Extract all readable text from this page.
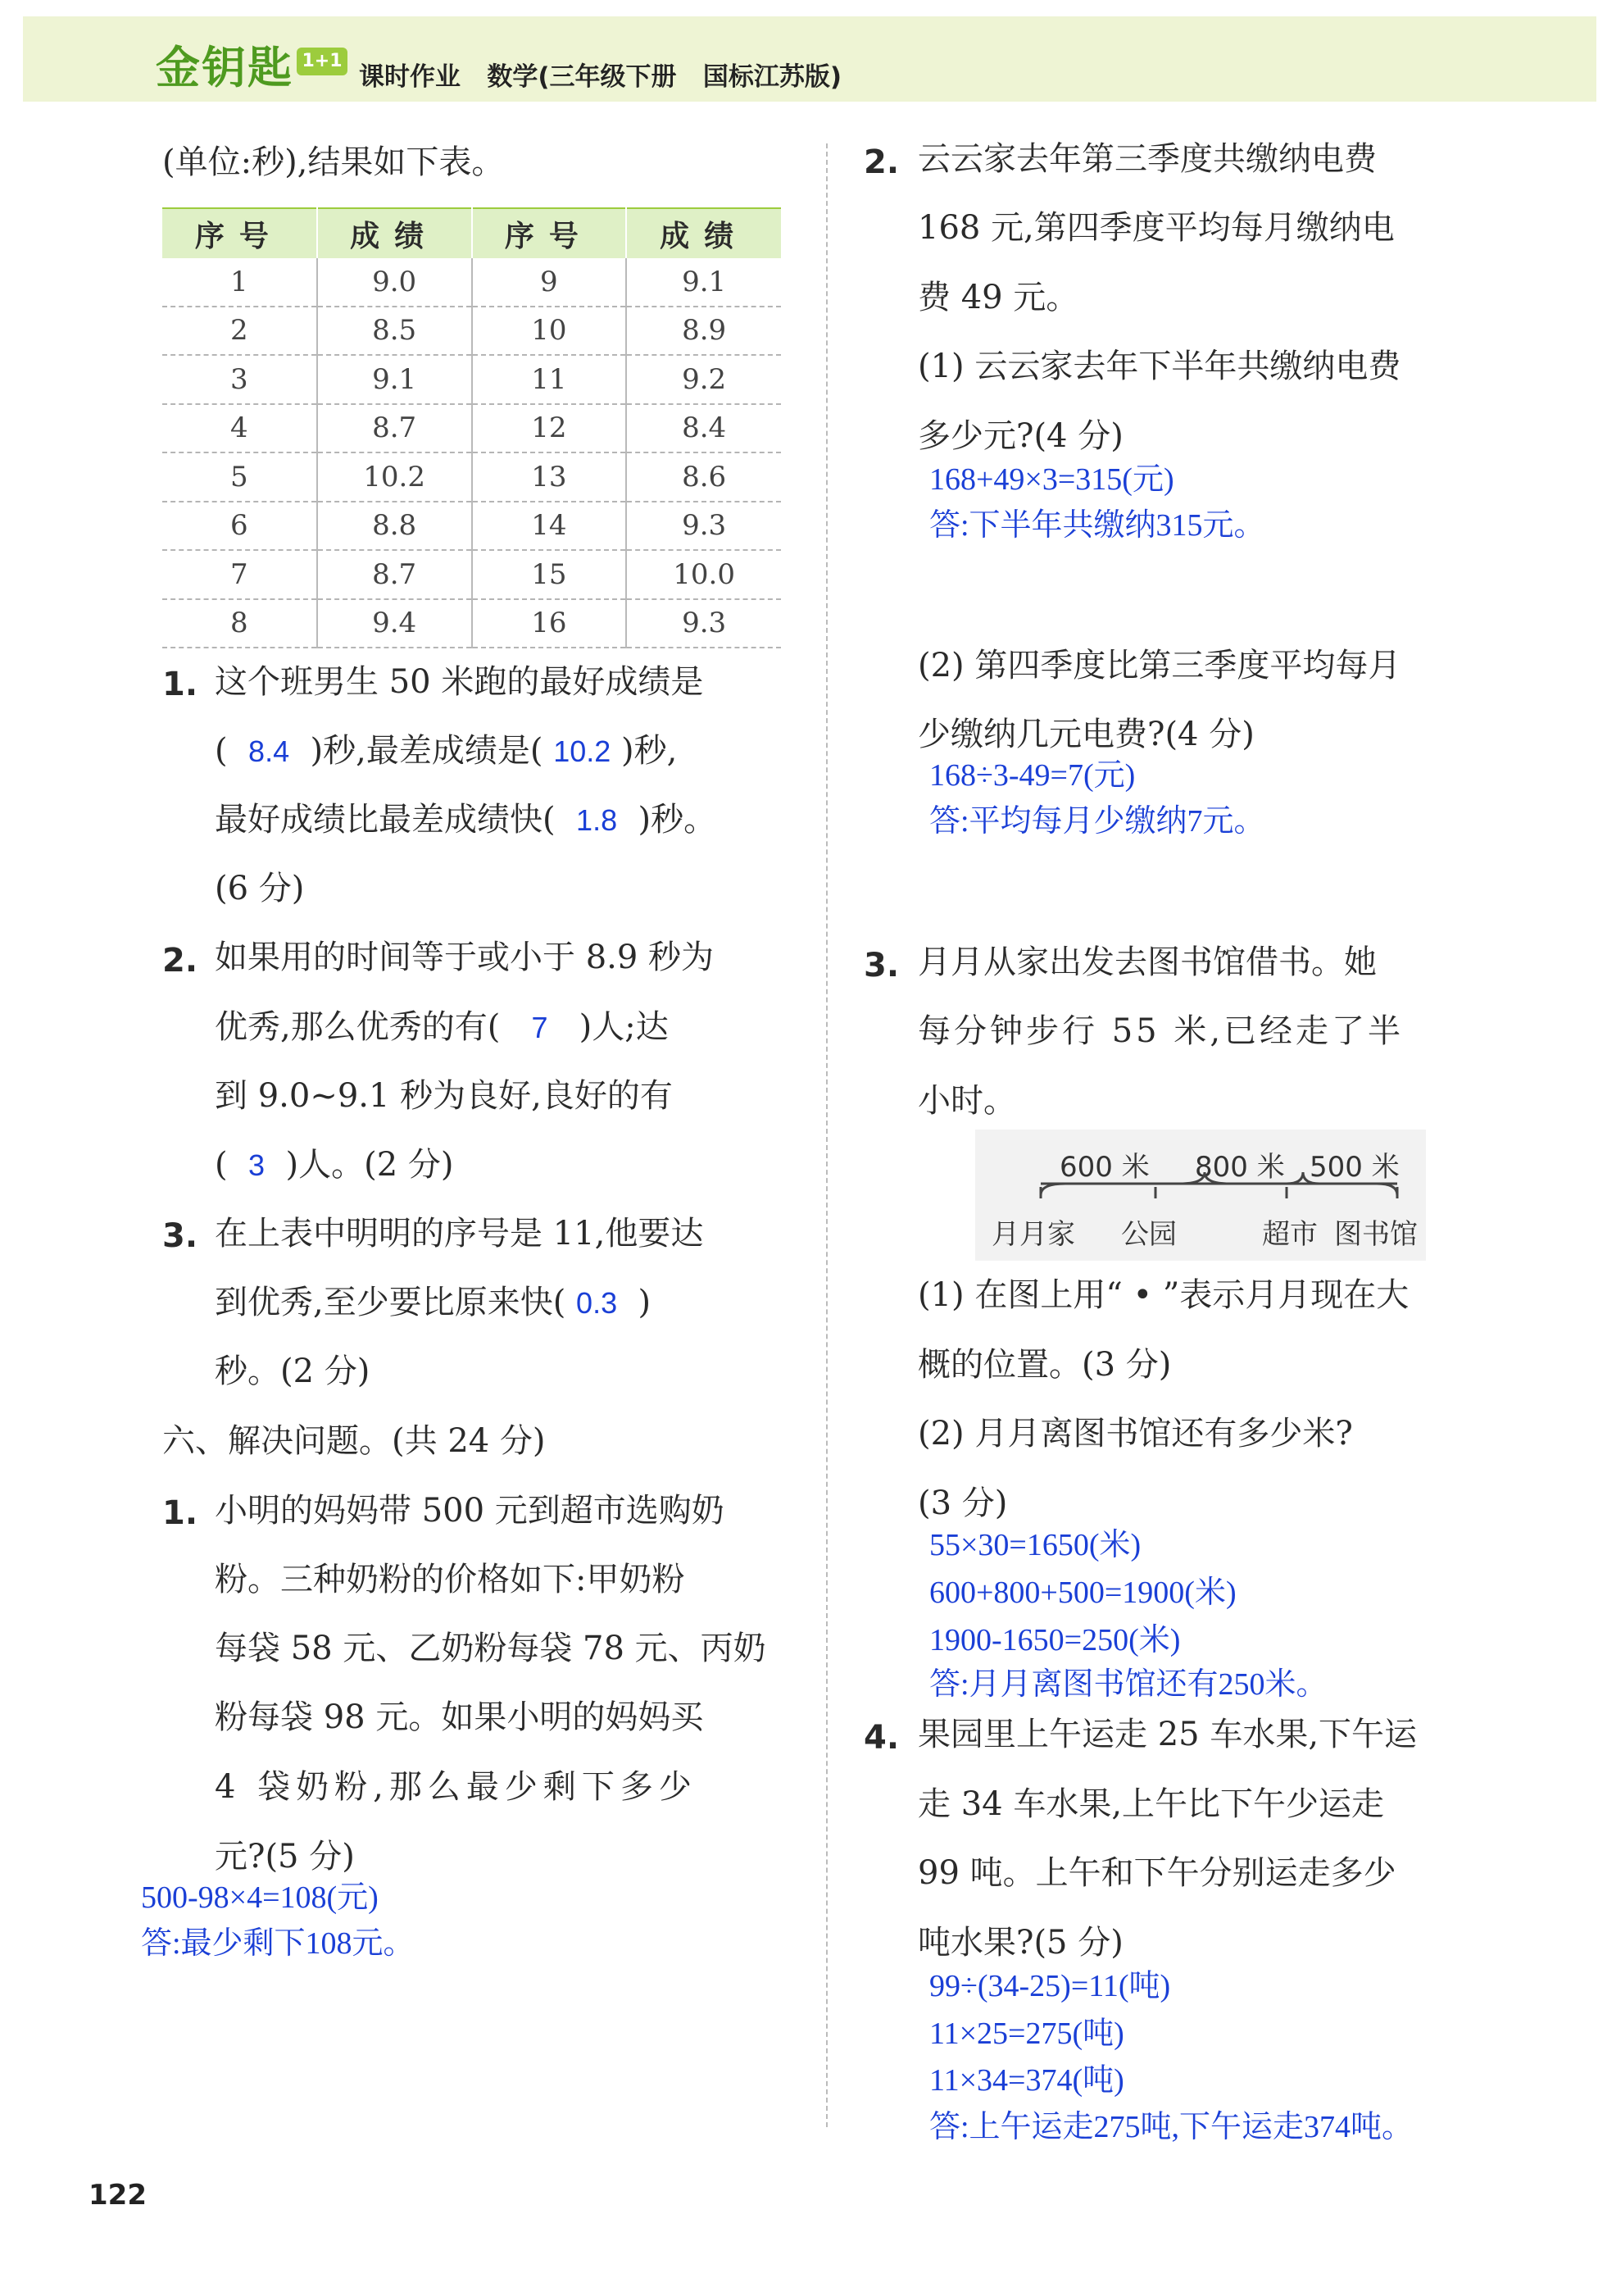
金钥匙 1+1
课时作业   数学(三年级下册   国标江苏版)
(单位:秒),结果如下表。
序号	成绩	序号	成绩
1	9.0	9	9.1
2	8.5	10	8.9
3	9.1	11	9.2
4	8.7	12	8.4
5	10.2	13	8.6
6	8.8	14	9.3
7	8.7	15	10.0
8	9.4	16	9.3
1. 这个班男生 50 米跑的最好成绩是
( 8.4 )秒,最差成绩是( 10.2 )秒,
最好成绩比最差成绩快( 1.8 )秒。
(6 分)
2. 如果用的时间等于或小于 8.9 秒为
优秀,那么优秀的有( 7 )人;达
到 9.0~9.1 秒为良好,良好的有
( 3 )人。(2 分)
3. 在上表中明明的序号是 11,他要达
到优秀,至少要比原来快( 0.3 )
秒。(2 分)
六、解决问题。(共 24 分)
1. 小明的妈妈带 500 元到超市选购奶
粉。三种奶粉的价格如下:甲奶粉
每袋 58 元、乙奶粉每袋 78 元、丙奶
粉每袋 98 元。如果小明的妈妈买
4 袋奶粉,那么最少剩下多少
元?(5 分)
500-98×4=108(元)
答:最少剩下108元。
2. 云云家去年第三季度共缴纳电费
168 元,第四季度平均每月缴纳电
费 49 元。
(1) 云云家去年下半年共缴纳电费
多少元?(4 分)
168+49×3=315(元)
答:下半年共缴纳315元。
(2) 第四季度比第三季度平均每月
少缴纳几元电费?(4 分)
168÷3-49=7(元)
答:平均每月少缴纳7元。
3. 月月从家出发去图书馆借书。她
每分钟步行 55 米,已经走了半
小时。
600 米 800 米 500 米
月月家 公园	超市 图书馆
(1) 在图上用“ • ”表示月月现在大
概的位置。(3 分)
(2) 月月离图书馆还有多少米?
(3 分)
55×30=1650(米)
600+800+500=1900(米)
1900-1650=250(米)
答:月月离图书馆还有250米。
4. 果园里上午运走 25 车水果,下午运
走 34 车水果,上午比下午少运走
99 吨。上午和下午分别运走多少
吨水果?(5 分)
99÷(34-25)=11(吨)
11×25=275(吨)
11×34=374(吨)
答:上午运走275吨,下午运走374吨。
122
